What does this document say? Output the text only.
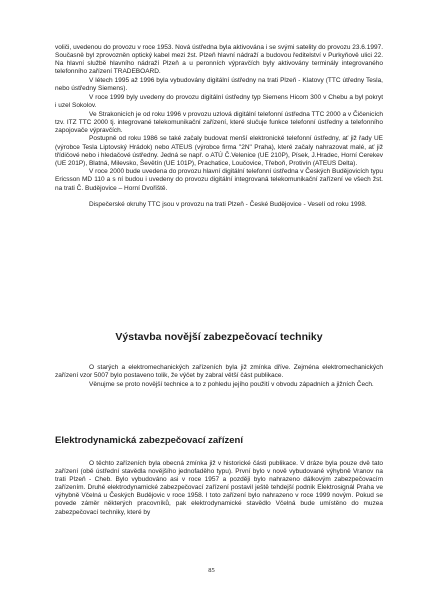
voliči, uvedenou do provozu v roce 1953. Nová ústředna byla aktivována i se svými satelity do provozu 23.6.1997. Současně byl zprovozněn optický kabel mezi žst. Plzeň hlavní nádraží a budovou ředitelství v Purkyňově ulici 22. Na hlavní službě hlavního nádraží Plzeň a u peronních výpravčích byly aktivovány terminály integrovaného telefonního zařízení TRADEBOARD.

V létech 1995 až 1996 byla vybudovány digitální ústředny na trati Plzeň - Klatovy (TTC útředny Tesla, nebo ústředny Siemens).

V roce 1999 byly uvedeny do provozu digitální ústředny typ Siemens Hicom 300 v Chebu a byl pokryt i uzel Sokolov.

Ve Strakonicích je od roku 1996 v provozu uzlová digitální telefonní ústředna TTC 2000 a v Čičenicích tzv. ITZ TTC 2000 tj. integrované telekomunikační zařízení, které slučuje funkce telefonní ústředny a telefonního zapojovače výpravčích.

Postupně od roku 1986 se také začaly budovat menší elektronické telefonní ústředny, ať již řady UE (výrobce Tesla Liptovský Hrádok) nebo ATEUS (výrobce firma "2N" Praha), které začaly nahrazovat malé, ať již třídičové nebo i hledačové ústředny. Jedná se např. o ATÚ Č.Velenice (UE 210P), Písek, J.Hradec, Horní Cerekev (UE 201P), Blatná, Milevsko, Ševětín (UE 101P), Prachatice, Loučovice, Třeboň, Protivín (ATEUS Delta).

V roce 2000 bude uvedena do provozu hlavní digitální telefonní ústředna v Českých Budějovicích typu Ericsson MD 110 a s ní budou i uvedeny do provozu digitální integrovaná telekomunikační zařízení ve všech žst. na trati Č. Budějovice – Horní Dvořiště.

Dispečerské okruhy TTC jsou v provozu na trati Plzeň - České Budějovice - Veselí od roku 1998.

Výstavba novější zabezpečovací techniky

O starých a elektromechanických zařízeních byla již zmínka dříve. Zejména elektromechanických zařízení vzor 5007 bylo postaveno tolik, že výčet by zabral větší část publikace.

Věnujme se proto novější technice a to z pohledu jejího použití v obvodu západních a jižních Čech.

Elektrodynamická zabezpečovací zařízení

O těchto zařízeních byla obecná zmínka již v historické části publikace. V dráze byla pouze dvě tato zařízení (obě ústřední stavědla novějšího jednofaděho typu). První bylo v nově vybudované výhybně Vranov na trati Plzeň - Cheb. Bylo vybudováno asi v roce 1957 a později bylo nahrazeno dálkovým zabezpečovacím zařízením. Druhé elektrodynamické zabezpečovací zařízení postavil ještě tehdejší podnik Elektrosignál Praha ve výhybně Včelná u Českých Budějovic v roce 1958. I toto zařízení bylo nahrazeno v roce 1999 novým. Pokud se povede záměr některých pracovníků, pak elektrodynamické stavědlo Včelná bude umístěno do muzea zabezpečovací techniky, které by

85
